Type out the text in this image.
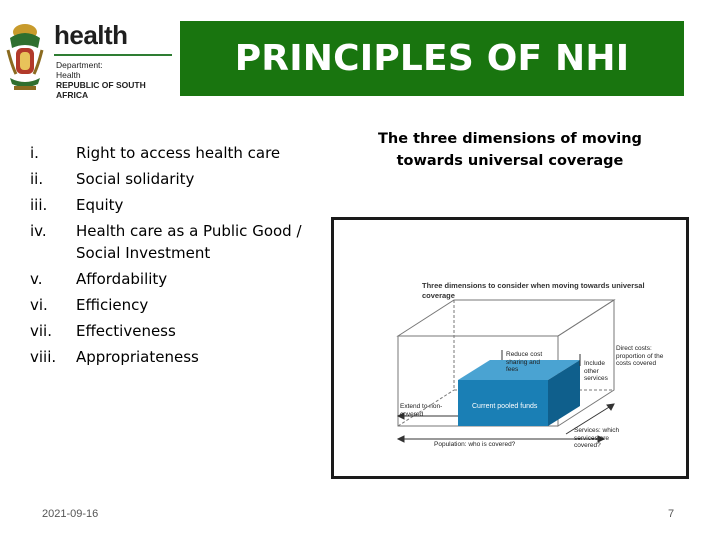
health
Department:
Health
REPUBLIC OF SOUTH AFRICA
PRINCIPLES OF NHI
i. Right to access health care
ii. Social solidarity
iii. Equity
iv. Health care as a Public Good / Social Investment
v. Affordability
vi. Efficiency
vii. Effectiveness
viii. Appropriateness
The three dimensions of moving towards universal coverage
Three dimensions to consider when moving towards universal coverage
Reduce cost sharing and fees
Include other services
Direct costs: proportion of the costs covered
Current pooled funds
Extend to non-covered
Services: which services are covered?
Population: who is covered?
2021-09-16	7
